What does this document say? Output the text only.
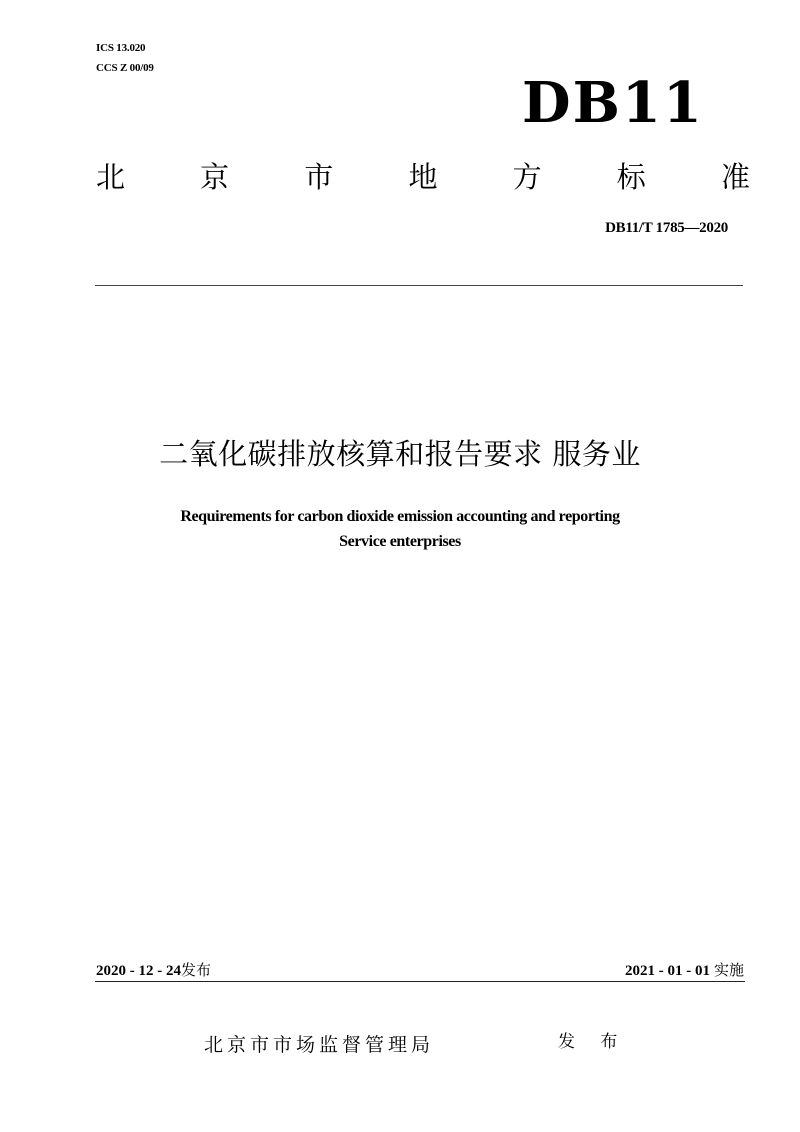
ICS 13.020
CCS Z 00/09
DB11
北	京	市	地	方	标	准
DB11/T 1785—2020
二氧化碳排放核算和报告要求 服务业
Requirements for carbon dioxide emission accounting and reporting
Service enterprises
2020 - 12 - 24发布	2021 - 01 - 01 实施
北京市市场监督管理局	发 布
